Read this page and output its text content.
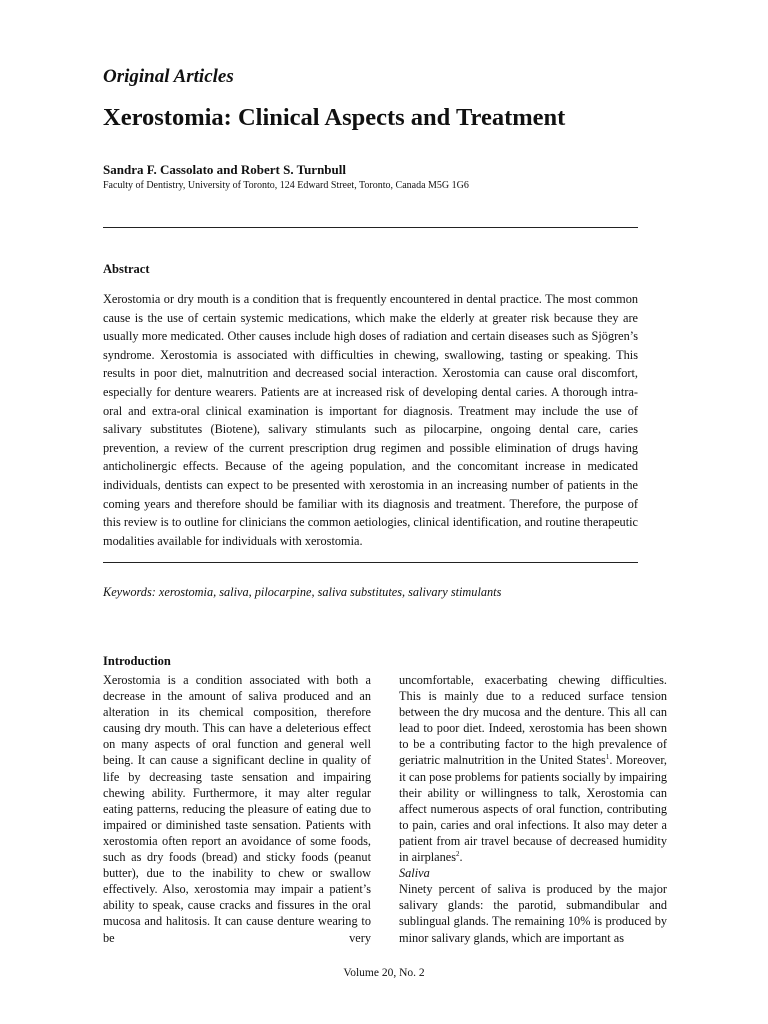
Original Articles
Xerostomia: Clinical Aspects and Treatment
Sandra F. Cassolato and Robert S. Turnbull
Faculty of Dentistry, University of Toronto, 124 Edward Street, Toronto, Canada M5G 1G6
Abstract
Xerostomia or dry mouth is a condition that is frequently encountered in dental practice. The most common cause is the use of certain systemic medications, which make the elderly at greater risk because they are usually more medicated. Other causes include high doses of radiation and certain diseases such as Sjögren’s syndrome. Xerostomia is associated with difficulties in chewing, swallowing, tasting or speaking. This results in poor diet, malnutrition and decreased social interaction. Xerostomia can cause oral discomfort, especially for denture wearers. Patients are at increased risk of developing dental caries. A thorough intra-oral and extra-oral clinical examination is important for diagnosis. Treatment may include the use of salivary substitutes (Biotene), salivary stimulants such as pilocarpine, ongoing dental care, caries prevention, a review of the current prescription drug regimen and possible elimination of drugs having anticholinergic effects. Because of the ageing population, and the concomitant increase in medicated individuals, dentists can expect to be presented with xerostomia in an increasing number of patients in the coming years and therefore should be familiar with its diagnosis and treatment. Therefore, the purpose of this review is to outline for clinicians the common aetiologies, clinical identification, and routine therapeutic modalities available for individuals with xerostomia.
Keywords: xerostomia, saliva, pilocarpine, saliva substitutes, salivary stimulants
Introduction

Xerostomia is a condition associated with both a decrease in the amount of saliva produced and an alteration in its chemical composition, therefore causing dry mouth. This can have a deleterious effect on many aspects of oral function and general well being. It can cause a significant decline in quality of life by decreasing taste sensation and impairing chewing ability. Furthermore, it may alter regular eating patterns, reducing the pleasure of eating due to impaired or diminished taste sensation. Patients with xerostomia often report an avoidance of some foods, such as dry foods (bread) and sticky foods (peanut butter), due to the inability to chew or swallow effectively. Also, xerostomia may impair a patient’s ability to speak, cause cracks and fissures in the oral mucosa and halitosis. It can cause denture wearing to be very

uncomfortable, exacerbating chewing difficulties. This is mainly due to a reduced surface tension between the dry mucosa and the denture. This all can lead to poor diet. Indeed, xerostomia has been shown to be a contributing factor to the high prevalence of geriatric malnutrition in the United States$^1$. Moreover, it can pose problems for patients socially by impairing their ability or willingness to talk, Xerostomia can affect numerous aspects of oral function, contributing to pain, caries and oral infections. It also may deter a patient from air travel because of decreased humidity in airplanes$^2$.

Saliva

Ninety percent of saliva is produced by the major salivary glands: the parotid, submandibular and sublingual glands. The remaining 10% is produced by minor salivary glands, which are important as

Volume 20, No. 2
